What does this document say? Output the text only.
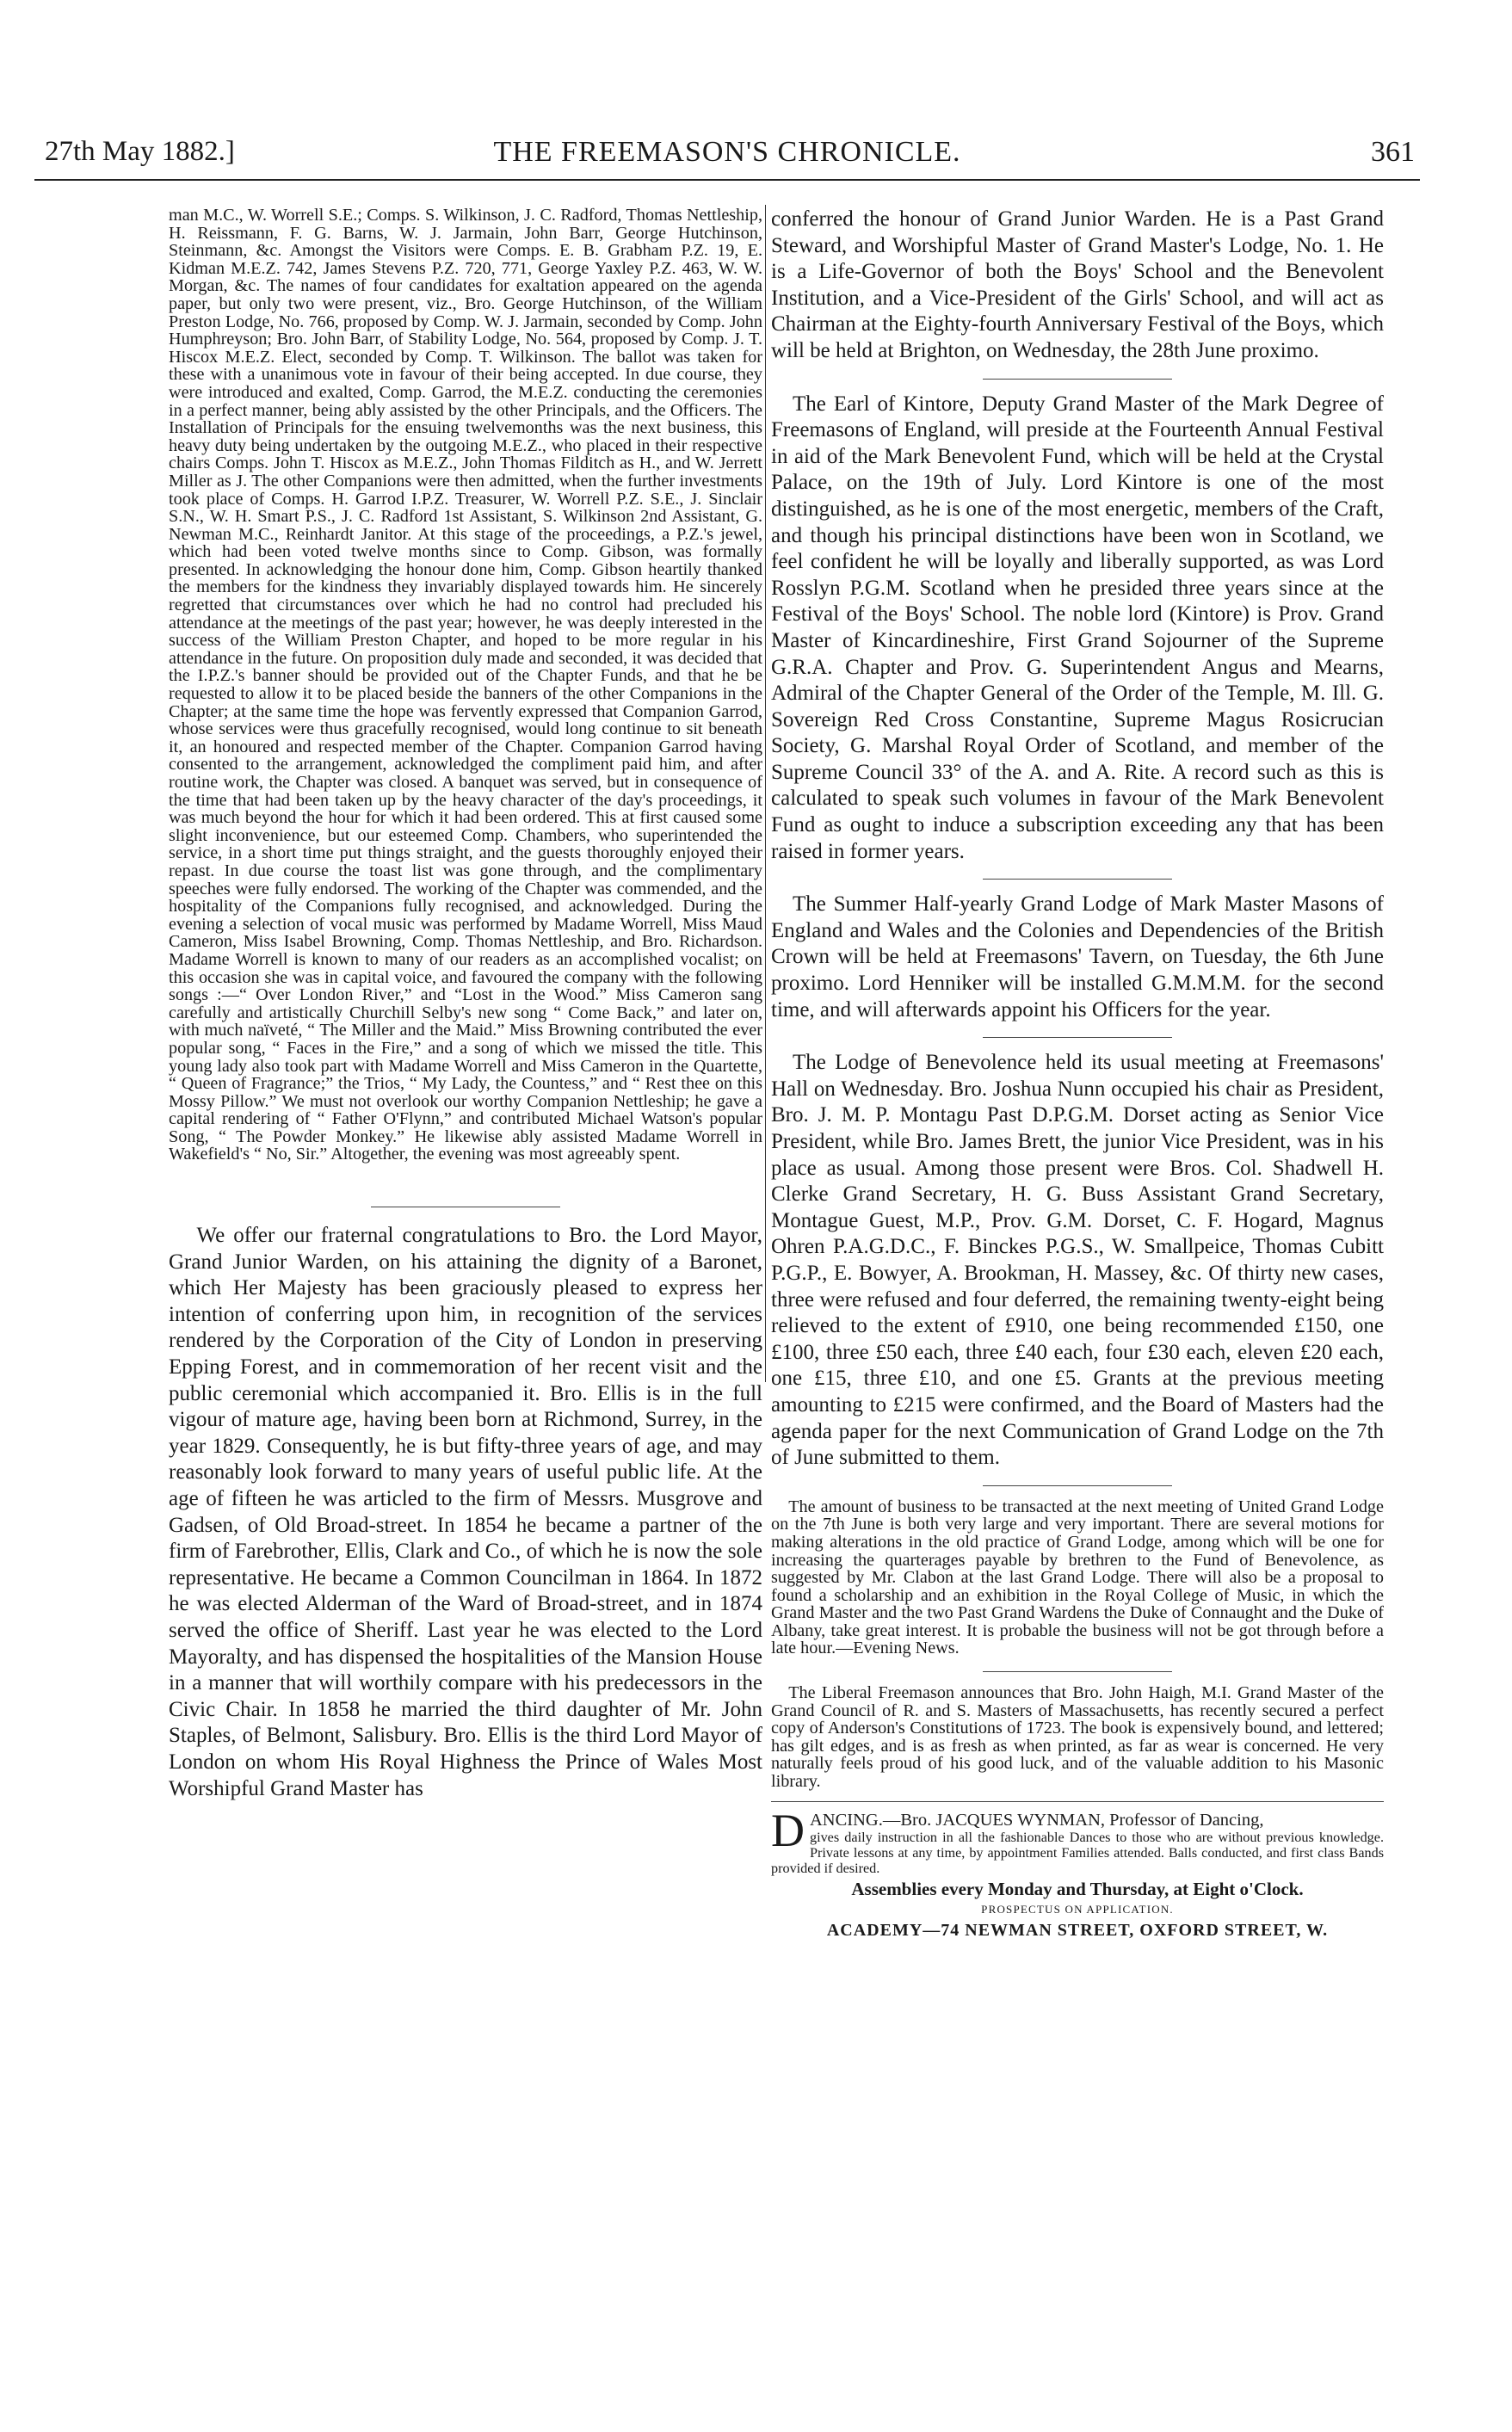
27th May 1882.]	THE FREEMASON'S CHRONICLE.	361

man M.C., W. Worrell S.E.; Comps. S. Wilkinson, J. C. Radford, Thomas Nettleship, H. Reissmann, F. G. Barns, W. J. Jarmain, John Barr, George Hutchinson, Steinmann, &c. Amongst the Visitors were Comps. E. B. Grabham P.Z. 19, E. Kidman M.E.Z. 742, James Stevens P.Z. 720, 771, George Yaxley P.Z. 463, W. W. Morgan, &c. The names of four candidates for exaltation appeared on the agenda paper, but only two were present, viz., Bro. George Hutchinson, of the William Preston Lodge, No. 766, proposed by Comp. W. J. Jarmain, seconded by Comp. John Humphreyson; Bro. John Barr, of Stability Lodge, No. 564, proposed by Comp. J. T. Hiscox M.E.Z. Elect, seconded by Comp. T. Wilkinson. The ballot was taken for these with a unanimous vote in favour of their being accepted. In due course, they were introduced and exalted, Comp. Garrod, the M.E.Z. conducting the ceremonies in a perfect manner, being ably assisted by the other Principals, and the Officers. The Installation of Principals for the ensuing twelvemonths was the next business, this heavy duty being undertaken by the outgoing M.E.Z., who placed in their respective chairs Comps. John T. Hiscox as M.E.Z., John Thomas Filditch as H., and W. Jerrett Miller as J. The other Companions were then admitted, when the further investments took place of Comps. H. Garrod I.P.Z. Treasurer, W. Worrell P.Z. S.E., J. Sinclair S.N., W. H. Smart P.S., J. C. Radford 1st Assistant, S. Wilkinson 2nd Assistant, G. Newman M.C., Reinhardt Janitor. At this stage of the proceedings, a P.Z.'s jewel, which had been voted twelve months since to Comp. Gibson, was formally presented. In acknowledging the honour done him, Comp. Gibson heartily thanked the members for the kindness they invariably displayed towards him. He sincerely regretted that circumstances over which he had no control had precluded his attendance at the meetings of the past year; however, he was deeply interested in the success of the William Preston Chapter, and hoped to be more regular in his attendance in the future. On proposition duly made and seconded, it was decided that the I.P.Z.'s banner should be provided out of the Chapter Funds, and that he be requested to allow it to be placed beside the banners of the other Companions in the Chapter; at the same time the hope was fervently expressed that Companion Garrod, whose services were thus gracefully recognised, would long continue to sit beneath it, an honoured and respected member of the Chapter. Companion Garrod having consented to the arrangement, acknowledged the compliment paid him, and after routine work, the Chapter was closed. A banquet was served, but in consequence of the time that had been taken up by the heavy character of the day's proceedings, it was much beyond the hour for which it had been ordered. This at first caused some slight inconvenience, but our esteemed Comp. Chambers, who superintended the service, in a short time put things straight, and the guests thoroughly enjoyed their repast. In due course the toast list was gone through, and the complimentary speeches were fully endorsed. The working of the Chapter was commended, and the hospitality of the Companions fully recognised, and acknowledged. During the evening a selection of vocal music was performed by Madame Worrell, Miss Maud Cameron, Miss Isabel Browning, Comp. Thomas Nettleship, and Bro. Richardson. Madame Worrell is known to many of our readers as an accomplished vocalist; on this occasion she was in capital voice, and favoured the company with the following songs :—“ Over London River,” and “Lost in the Wood.” Miss Cameron sang carefully and artistically Churchill Selby's new song “ Come Back,” and later on, with much naïveté, “ The Miller and the Maid.” Miss Browning contributed the ever popular song, “ Faces in the Fire,” and a song of which we missed the title. This young lady also took part with Madame Worrell and Miss Cameron in the Quartette, “ Queen of Fragrance;” the Trios, “ My Lady, the Countess,” and “ Rest thee on this Mossy Pillow.” We must not overlook our worthy Companion Nettleship; he gave a capital rendering of “ Father O'Flynn,” and contributed Michael Watson's popular Song, “ The Powder Monkey.” He likewise ably assisted Madame Worrell in Wakefield's “ No, Sir.” Altogether, the evening was most agreeably spent.

We offer our fraternal congratulations to Bro. the Lord Mayor, Grand Junior Warden, on his attaining the dignity of a Baronet, which Her Majesty has been graciously pleased to express her intention of conferring upon him, in recognition of the services rendered by the Corporation of the City of London in preserving Epping Forest, and in commemoration of her recent visit and the public ceremonial which accompanied it. Bro. Ellis is in the full vigour of mature age, having been born at Richmond, Surrey, in the year 1829. Consequently, he is but fifty-three years of age, and may reasonably look forward to many years of useful public life. At the age of fifteen he was articled to the firm of Messrs. Musgrove and Gadsen, of Old Broad-street. In 1854 he became a partner of the firm of Farebrother, Ellis, Clark and Co., of which he is now the sole representative. He became a Common Councilman in 1864. In 1872 he was elected Alderman of the Ward of Broad-street, and in 1874 served the office of Sheriff. Last year he was elected to the Lord Mayoralty, and has dispensed the hospitalities of the Mansion House in a manner that will worthily compare with his predecessors in the Civic Chair. In 1858 he married the third daughter of Mr. John Staples, of Belmont, Salisbury. Bro. Ellis is the third Lord Mayor of London on whom His Royal Highness the Prince of Wales Most Worshipful Grand Master has

conferred the honour of Grand Junior Warden. He is a Past Grand Steward, and Worshipful Master of Grand Master's Lodge, No. 1. He is a Life-Governor of both the Boys' School and the Benevolent Institution, and a Vice-President of the Girls' School, and will act as Chairman at the Eighty-fourth Anniversary Festival of the Boys, which will be held at Brighton, on Wednesday, the 28th June proximo.

The Earl of Kintore, Deputy Grand Master of the Mark Degree of Freemasons of England, will preside at the Fourteenth Annual Festival in aid of the Mark Benevolent Fund, which will be held at the Crystal Palace, on the 19th of July. Lord Kintore is one of the most distinguished, as he is one of the most energetic, members of the Craft, and though his principal distinctions have been won in Scotland, we feel confident he will be loyally and liberally supported, as was Lord Rosslyn P.G.M. Scotland when he presided three years since at the Festival of the Boys' School. The noble lord (Kintore) is Prov. Grand Master of Kincardineshire, First Grand Sojourner of the Supreme G.R.A. Chapter and Prov. G. Superintendent Angus and Mearns, Admiral of the Chapter General of the Order of the Temple, M. Ill. G. Sovereign Red Cross Constantine, Supreme Magus Rosicrucian Society, G. Marshal Royal Order of Scotland, and member of the Supreme Council 33° of the A. and A. Rite. A record such as this is calculated to speak such volumes in favour of the Mark Benevolent Fund as ought to induce a subscription exceeding any that has been raised in former years.

The Summer Half-yearly Grand Lodge of Mark Master Masons of England and Wales and the Colonies and Dependencies of the British Crown will be held at Freemasons' Tavern, on Tuesday, the 6th June proximo. Lord Henniker will be installed G.M.M.M. for the second time, and will afterwards appoint his Officers for the year.

The Lodge of Benevolence held its usual meeting at Freemasons' Hall on Wednesday. Bro. Joshua Nunn occupied his chair as President, Bro. J. M. P. Montagu Past D.P.G.M. Dorset acting as Senior Vice President, while Bro. James Brett, the junior Vice President, was in his place as usual. Among those present were Bros. Col. Shadwell H. Clerke Grand Secretary, H. G. Buss Assistant Grand Secretary, Montague Guest, M.P., Prov. G.M. Dorset, C. F. Hogard, Magnus Ohren P.A.G.D.C., F. Binckes P.G.S., W. Smallpeice, Thomas Cubitt P.G.P., E. Bowyer, A. Brookman, H. Massey, &c. Of thirty new cases, three were refused and four deferred, the remaining twenty-eight being relieved to the extent of £910, one being recommended £150, one £100, three £50 each, three £40 each, four £30 each, eleven £20 each, one £15, three £10, and one £5. Grants at the previous meeting amounting to £215 were confirmed, and the Board of Masters had the agenda paper for the next Communication of Grand Lodge on the 7th of June submitted to them.

The amount of business to be transacted at the next meeting of United Grand Lodge on the 7th June is both very large and very important. There are several motions for making alterations in the old practice of Grand Lodge, among which will be one for increasing the quarterages payable by brethren to the Fund of Benevolence, as suggested by Mr. Clabon at the last Grand Lodge. There will also be a proposal to found a scholarship and an exhibition in the Royal College of Music, in which the Grand Master and the two Past Grand Wardens the Duke of Connaught and the Duke of Albany, take great interest. It is probable the business will not be got through before a late hour.—Evening News.

The Liberal Freemason announces that Bro. John Haigh, M.I. Grand Master of the Grand Council of R. and S. Masters of Massachusetts, has recently secured a perfect copy of Anderson's Constitutions of 1723. The book is expensively bound, and lettered; has gilt edges, and is as fresh as when printed, as far as wear is concerned. He very naturally feels proud of his good luck, and of the valuable addition to his Masonic library.

D ANCING.—Bro. JACQUES WYNMAN, Professor of Dancing,
gives daily instruction in all the fashionable Dances to those who are without previous knowledge. Private lessons at any time, by appointment Families attended. Balls conducted, and first class Bands provided if desired.
Assemblies every Monday and Thursday, at Eight o'Clock.
PROSPECTUS ON APPLICATION.
ACADEMY—74 NEWMAN STREET, OXFORD STREET, W.
